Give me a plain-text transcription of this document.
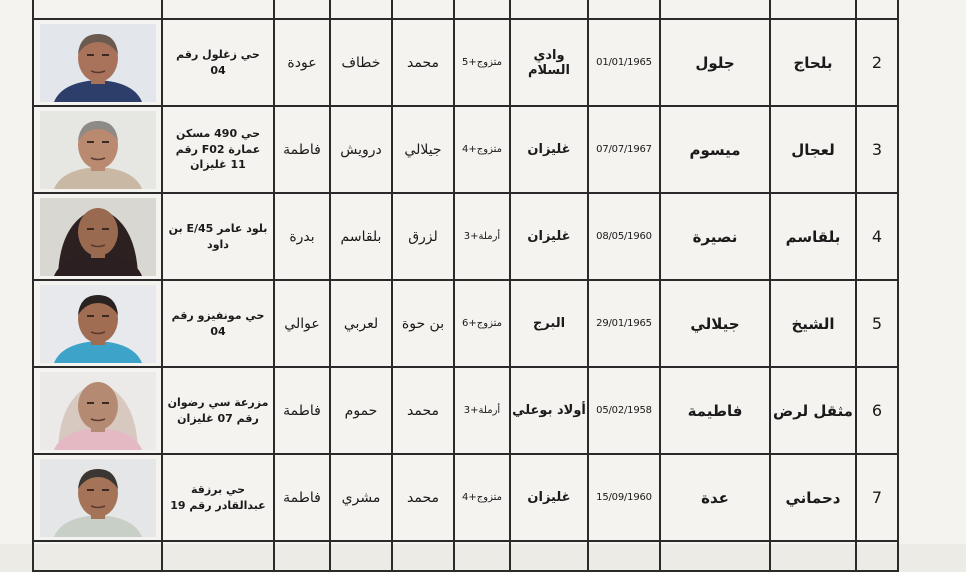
	حي زغلول رقم 04	عودة	خطاف	محمد	متزوج+5	وادي السلام	01/01/1965	جلول	بلحاج	2

	حي 490 مسكن عمارة F02 رقم 11 غليزان	فاطمة	درويش	جيلالي	متزوج+4	غليزان	07/07/1967	ميسوم	لعجال	3

	بلود عامر E/45 بن داود	بدرة	بلقاسم	لزرق	أرملة+3	غليزان	08/05/1960	نصيرة	بلقاسم	4

	حي مونفيزو رقم 04	عوالي	لعربي	بن حوة	متزوج+6	البرج	29/01/1965	جيلالي	الشيخ	5

	مزرعة سي رضوان رقم 07 غليزان	فاطمة	حموم	محمد	أرملة+3	أولاد بوعلي	05/02/1958	فاطيمة	مثقل لرض	6

	حي برزقة عبدالقادر رقم 19	فاطمة	مشري	محمد	متزوج+4	غليزان	15/09/1960	عدة	دحماني	7
